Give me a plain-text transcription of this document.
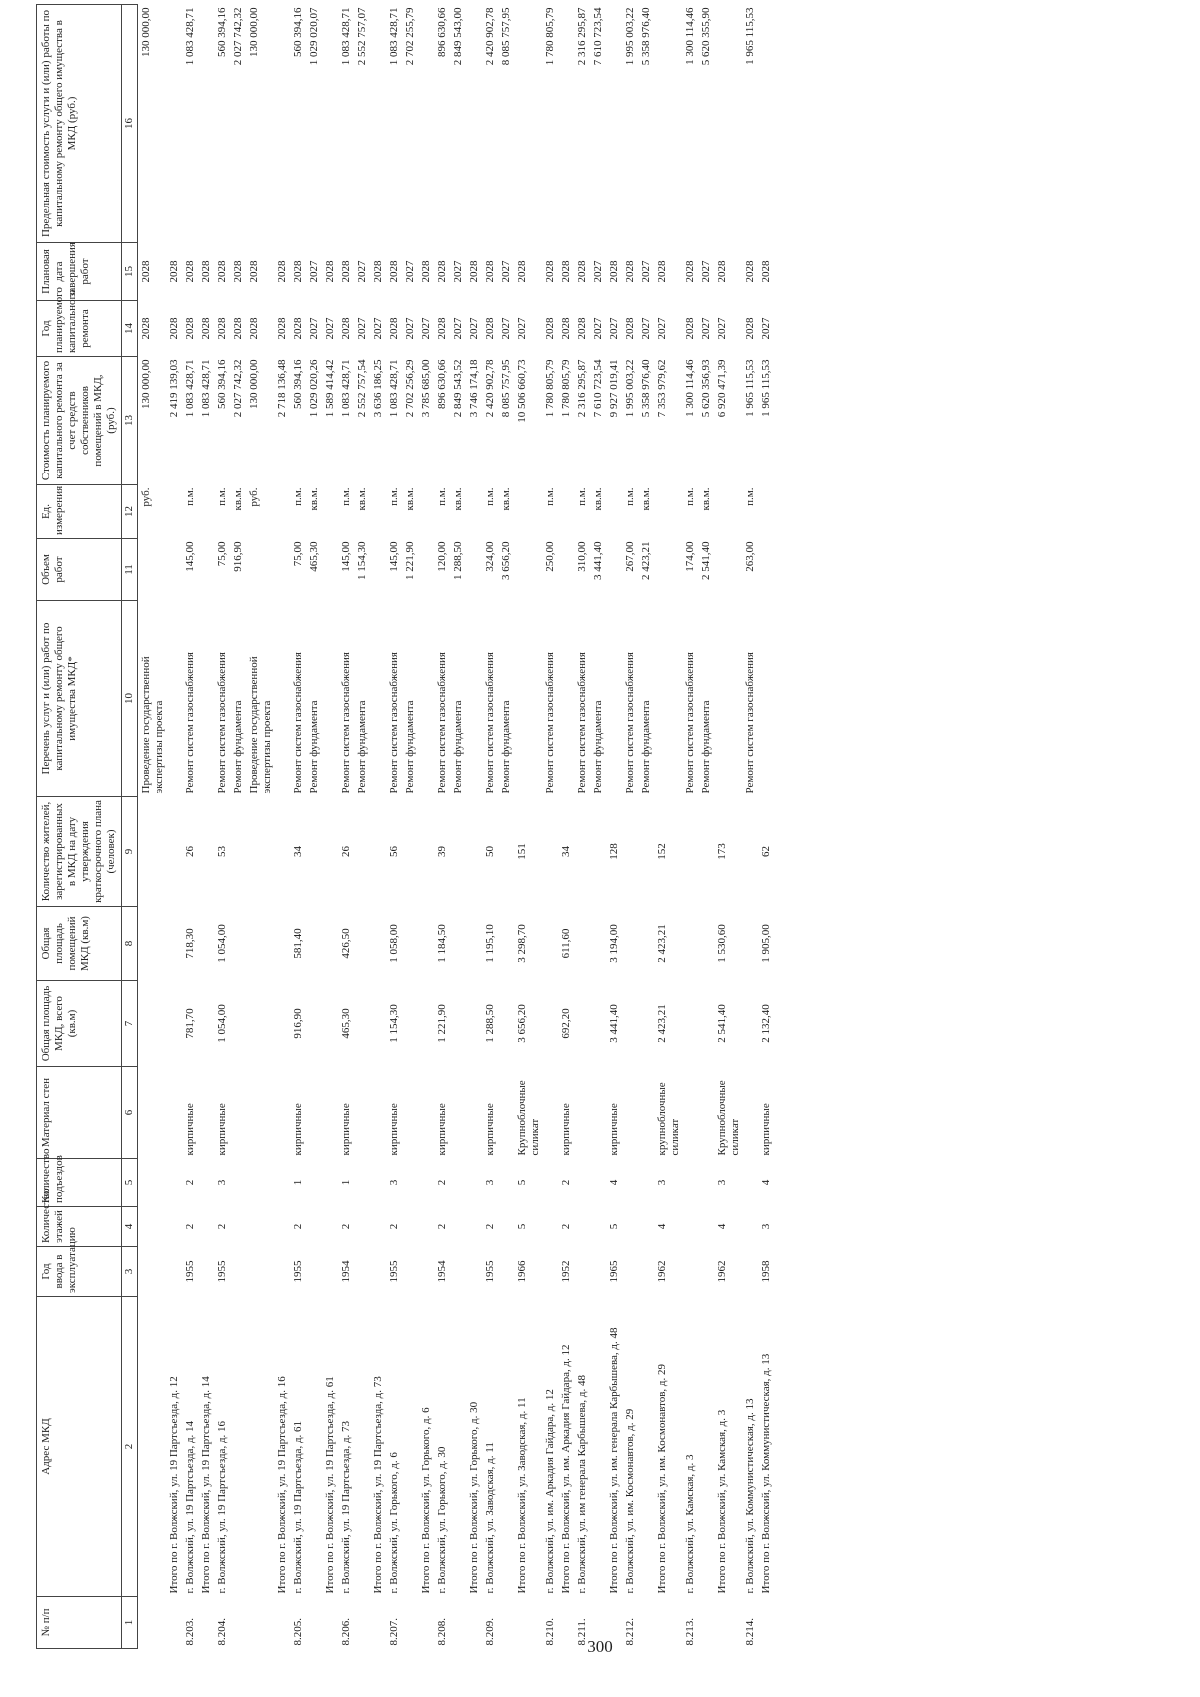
300
№ п/п	Адрес МКД	Год ввода в эксплуатацию	Количество этажей	Количество подъездов	Материал стен	Общая площадь МКД, всего (кв.м)	Общая площадь помещений МКД (кв.м)	Количество жителей, зарегистрированных в МКД на дату утверждения краткосрочного плана (человек)	Перечень услуг и (или) работ по капитальному ремонту общего имущества МКД*	Объем работ	Ед. измерения	Стоимость планируемого капитального ремонта за счет средств собственников помещений в МКД, (руб.)	Год планируемого капитального ремонта	Плановая дата завершения работ	Предельная стоимость услуги и (или) работы по капитальному ремонту общего имущества в МКД (руб.)
1	2	3	4	5	6	7	8	9	10	11	12	13	14	15	16
									Проведение государственной экспертизы проекта		руб.	130 000,00	2028	2028	130 000,00
	Итого по г. Волжский, ул. 19 Партсъезда, д. 12											2 419 139,03	2028	2028	
8.203.	г. Волжский, ул. 19 Партсъезда, д. 14	1955	2	2	кирпичные	781,70	718,30	26	Ремонт систем газоснабжения	145,00	п.м.	1 083 428,71	2028	2028	1 083 428,71
	Итого по г. Волжский, ул. 19 Партсъезда, д. 14											1 083 428,71	2028	2028	
8.204.	г. Волжский, ул. 19 Партсъезда, д. 16	1955	2	3	кирпичные	1 054,00	1 054,00	53	Ремонт систем газоснабжения	75,00	п.м.	560 394,16	2028	2028	560 394,16
									Ремонт фундамента	916,90	кв.м.	2 027 742,32	2028	2028	2 027 742,32
									Проведение государственной экспертизы проекта		руб.	130 000,00	2028	2028	130 000,00
	Итого по г. Волжский, ул. 19 Партсъезда, д. 16											2 718 136,48	2028	2028	
8.205.	г. Волжский, ул. 19 Партсъезда, д. 61	1955	2	1	кирпичные	916,90	581,40	34	Ремонт систем газоснабжения	75,00	п.м.	560 394,16	2028	2028	560 394,16
									Ремонт фундамента	465,30	кв.м.	1 029 020,26	2027	2027	1 029 020,07
	Итого по г. Волжский, ул. 19 Партсъезда, д. 61											1 589 414,42	2027	2028	
8.206.	г. Волжский, ул. 19 Партсъезда, д. 73	1954	2	1	кирпичные	465,30	426,50	26	Ремонт систем газоснабжения	145,00	п.м.	1 083 428,71	2028	2028	1 083 428,71
									Ремонт фундамента	1 154,30	кв.м.	2 552 757,54	2027	2027	2 552 757,07
	Итого по г. Волжский, ул. 19 Партсъезда, д. 73											3 636 186,25	2027	2028	
8.207.	г. Волжский, ул. Горького, д. 6	1955	2	3	кирпичные	1 154,30	1 058,00	56	Ремонт систем газоснабжения	145,00	п.м.	1 083 428,71	2028	2028	1 083 428,71
									Ремонт фундамента	1 221,90	кв.м.	2 702 256,29	2027	2027	2 702 255,79
	Итого по г. Волжский, ул. Горького, д. 6											3 785 685,00	2027	2028	
8.208.	г. Волжский, ул. Горького, д. 30	1954	2	2	кирпичные	1 221,90	1 184,50	39	Ремонт систем газоснабжения	120,00	п.м.	896 630,66	2028	2028	896 630,66
									Ремонт фундамента	1 288,50	кв.м.	2 849 543,52	2027	2027	2 849 543,00
	Итого по г. Волжский, ул. Горького, д. 30											3 746 174,18	2027	2028	
8.209.	г. Волжский, ул. Заводская, д. 11	1955	2	3	кирпичные	1 288,50	1 195,10	50	Ремонт систем газоснабжения	324,00	п.м.	2 420 902,78	2028	2028	2 420 902,78
									Ремонт фундамента	3 656,20	кв.м.	8 085 757,95	2027	2027	8 085 757,95
	Итого по г. Волжский, ул. Заводская, д. 11	1966	5	5	Крупноблочные силикат	3 656,20	3 298,70	151				10 506 660,73	2027	2028	
8.210.	г. Волжский, ул. им. Аркадия Гайдара, д. 12								Ремонт систем газоснабжения	250,00	п.м.	1 780 805,79	2028	2028	1 780 805,79
	Итого по г. Волжский, ул. им. Аркадия Гайдара, д. 12	1952	2	2	кирпичные	692,20	611,60	34				1 780 805,79	2028	2028	
8.211.	г. Волжский, ул. им генерала Карбышева, д. 48								Ремонт систем газоснабжения	310,00	п.м.	2 316 295,87	2028	2028	2 316 295,87
									Ремонт фундамента	3 441,40	кв.м.	7 610 723,54	2027	2027	7 610 723,54
	Итого по г. Волжский, ул. им. генерала Карбышева, д. 48	1965	5	4	кирпичные	3 441,40	3 194,00	128				9 927 019,41	2027	2028	
8.212.	г. Волжский, ул. им. Космонавтов, д. 29								Ремонт систем газоснабжения	267,00	п.м.	1 995 003,22	2028	2028	1 995 003,22
									Ремонт фундамента	2 423,21	кв.м.	5 358 976,40	2027	2027	5 358 976,40
	Итого по г. Волжский, ул. им. Космонавтов, д. 29	1962	4	3	крупноблочные силикат	2 423,21	2 423,21	152				7 353 979,62	2027	2028	
8.213.	г. Волжский, ул. Камская, д. 3								Ремонт систем газоснабжения	174,00	п.м.	1 300 114,46	2028	2028	1 300 114,46
									Ремонт фундамента	2 541,40	кв.м.	5 620 356,93	2027	2027	5 620 355,90
	Итого по г. Волжский, ул. Камская, д. 3	1962	4	3	Крупноблочные силикат	2 541,40	1 530,60	173				6 920 471,39	2027	2028	
8.214.	г. Волжский, ул. Коммунистическая, д. 13								Ремонт систем газоснабжения	263,00	п.м.	1 965 115,53	2028	2028	1 965 115,53
	Итого по г. Волжский, ул. Коммунистическая, д. 13	1958	3	4	кирпичные	2 132,40	1 905,00	62				1 965 115,53	2027	2028	
